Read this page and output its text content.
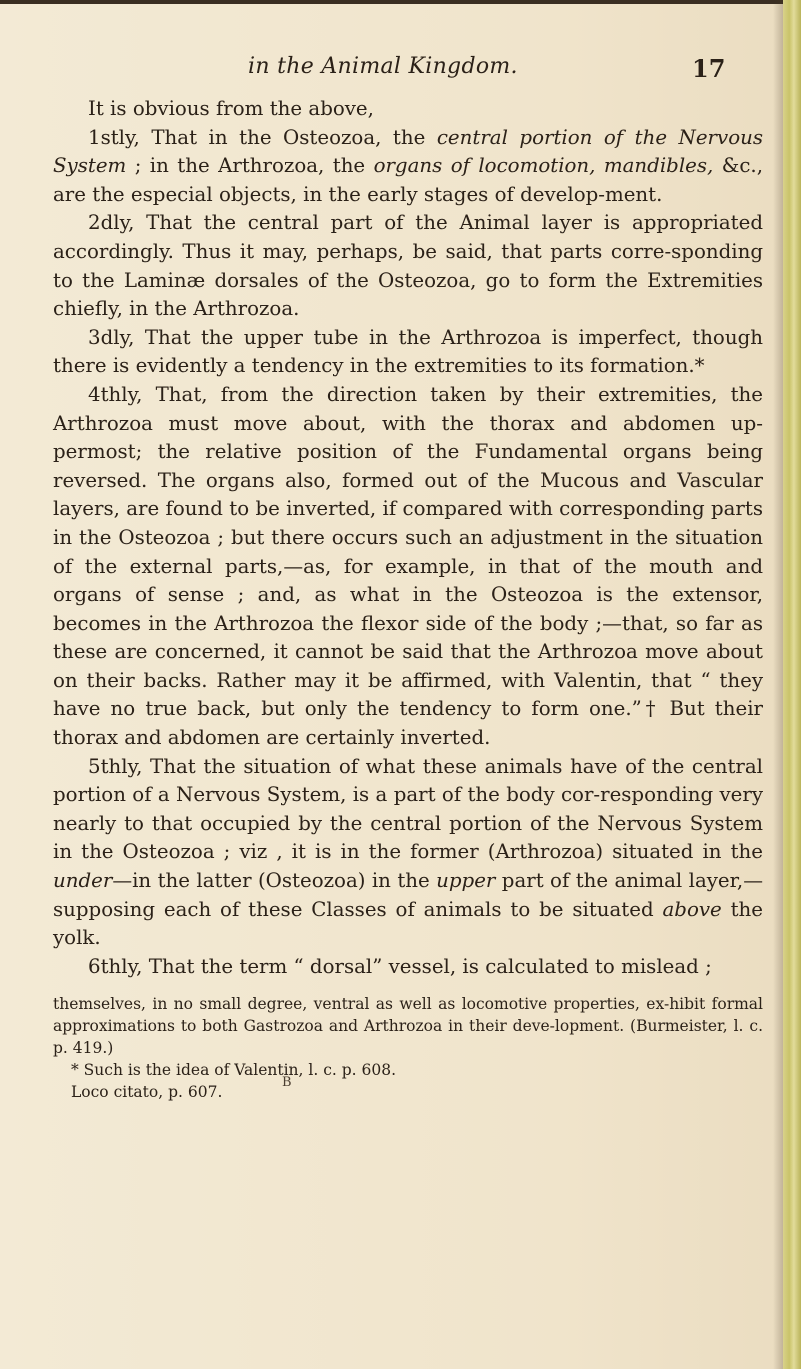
in the Animal Kingdom.	17

It is obvious from the above,

1stly, That in the Osteozoa, the central portion of the Nervous System ; in the Arthrozoa, the organs of locomotion, mandibles, &c., are the especial objects, in the early stages of develop-ment.

2dly, That the central part of the Animal layer is appropriated accordingly. Thus it may, perhaps, be said, that parts corre-sponding to the Laminæ dorsales of the Osteozoa, go to form the Extremities chiefly, in the Arthrozoa.

3dly, That the upper tube in the Arthrozoa is imperfect, though there is evidently a tendency in the extremities to its formation.*

4thly, That, from the direction taken by their extremities, the Arthrozoa must move about, with the thorax and abdomen up-permost; the relative position of the Fundamental organs being reversed. The organs also, formed out of the Mucous and Vascular layers, are found to be inverted, if compared with corresponding parts in the Osteozoa ; but there occurs such an adjustment in the situation of the external parts,—as, for example, in that of the mouth and organs of sense ; and, as what in the Osteozoa is the extensor, becomes in the Arthrozoa the flexor side of the body ;—that, so far as these are concerned, it cannot be said that the Arthrozoa move about on their backs. Rather may it be affirmed, with Valentin, that “ they have no true back, but only the tendency to form one.”† But their thorax and abdomen are certainly inverted.

5thly, That the situation of what these animals have of the central portion of a Nervous System, is a part of the body cor-responding very nearly to that occupied by the central portion of the Nervous System in the Osteozoa ; viz , it is in the former (Arthrozoa) situated in the under—in the latter (Osteozoa) in the upper part of the animal layer,—supposing each of these Classes of animals to be situated above the yolk.

6thly, That the term “ dorsal” vessel, is calculated to mislead ;

themselves, in no small degree, ventral as well as locomotive properties, ex-hibit formal approximations to both Gastrozoa and Arthrozoa in their deve-lopment. (Burmeister, l. c. p. 419.)

* Such is the idea of Valentin, l. c. p. 608.

Loco citato, p. 607.

B
